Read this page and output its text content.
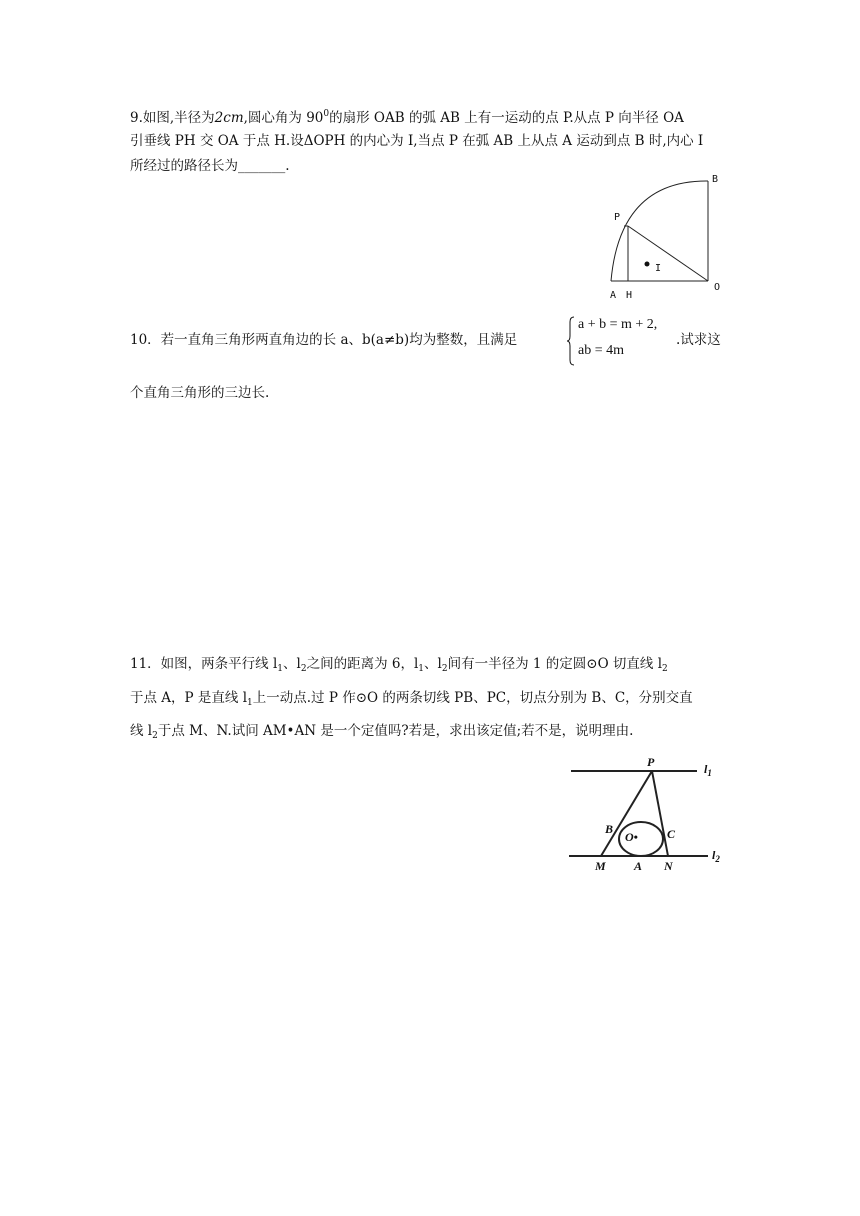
9.如图,半径为2cm,圆心角为 $90^0$的扇形 OAB 的弧 AB 上有一运动的点 P.从点 P 向半径 OA
引垂线 PH 交 OA 于点 H.设ΔOPH 的内心为 I,当点 P 在弧 AB 上从点 A 运动到点 B 时,内心 I
所经过的路径长为_______.
A H
O
B
P
I
10．若一直角三角形两直角边的长 a、b(a≠b)均为整数，且满足
a + b = m + 2,
ab = 4m
.试求这
个直角三角形的三边长.
11．如图，两条平行线 $l_1$、$l_2$之间的距离为 6，$l_1$、$l_2$间有一半径为 1 的定圆⊙O 切直线 $l_2$
于点 A，P 是直线 $l_1$上一动点.过 P 作⊙O 的两条切线 PB、PC，切点分别为 B、C，分别交直
线 $l_2$于点 M、N.试问 AM•AN 是一个定值吗?若是，求出该定值;若不是，说明理由.
P
B	C
O•
M A N
$l_1$
$l_2$
